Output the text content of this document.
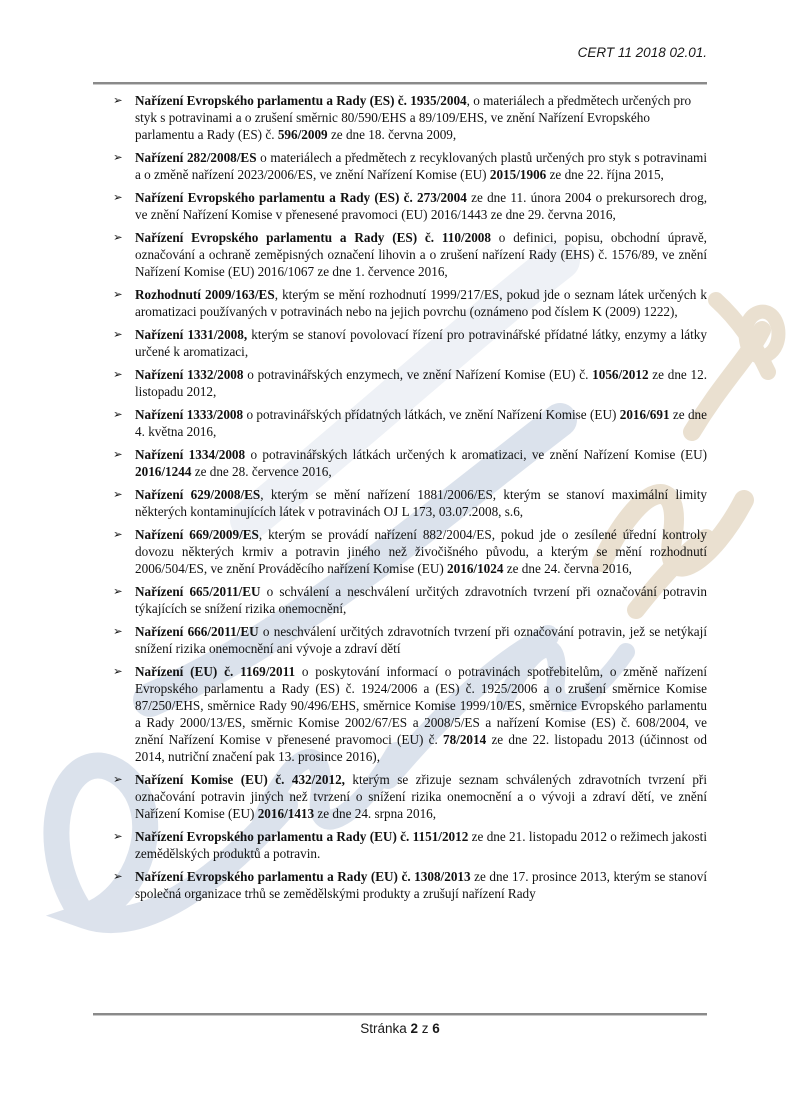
CERT 11 2018 02.01.
➢ Nařízení Evropského parlamentu a Rady (ES) č. 1935/2004, o materiálech a předmětech určených pro styk s potravinami a o zrušení směrnic 80/590/EHS a 89/109/EHS, ve znění Nařízení Evropského parlamentu a Rady (ES) č. 596/2009 ze dne 18. června 2009,
➢ Nařízení 282/2008/ES o materiálech a předmětech z recyklovaných plastů určených pro styk s potravinami a o změně nařízení 2023/2006/ES, ve znění Nařízení Komise (EU) 2015/1906 ze dne 22. října 2015,
➢ Nařízení Evropského parlamentu a Rady (ES) č. 273/2004 ze dne 11. února 2004 o prekursorech drog, ve znění Nařízení Komise v přenesené pravomoci (EU) 2016/1443 ze dne 29. června 2016,
➢ Nařízení Evropského parlamentu a Rady (ES) č. 110/2008 o definici, popisu, obchodní úpravě, označování a ochraně zeměpisných označení lihovin a o zrušení nařízení Rady (EHS) č. 1576/89, ve znění Nařízení Komise (EU) 2016/1067 ze dne 1. července 2016,
➢ Rozhodnutí 2009/163/ES, kterým se mění rozhodnutí 1999/217/ES, pokud jde o seznam látek určených k aromatizaci používaných v potravinách nebo na jejich povrchu (oznámeno pod číslem K (2009) 1222),
➢ Nařízení 1331/2008, kterým se stanoví povolovací řízení pro potravinářské přídatné látky, enzymy a látky určené k aromatizaci,
➢ Nařízení 1332/2008 o potravinářských enzymech, ve znění Nařízení Komise (EU) č. 1056/2012 ze dne 12. listopadu 2012,
➢ Nařízení 1333/2008 o potravinářských přídatných látkách, ve znění Nařízení Komise (EU) 2016/691 ze dne 4. května 2016,
➢ Nařízení 1334/2008 o potravinářských látkách určených k aromatizaci, ve znění Nařízení Komise (EU) 2016/1244 ze dne 28. července 2016,
➢ Nařízení 629/2008/ES, kterým se mění nařízení 1881/2006/ES, kterým se stanoví maximální limity některých kontaminujících látek v potravinách OJ L 173, 03.07.2008, s.6,
➢ Nařízení 669/2009/ES, kterým se provádí nařízení 882/2004/ES, pokud jde o zesílené úřední kontroly dovozu některých krmiv a potravin jiného než živočišného původu, a kterým se mění rozhodnutí 2006/504/ES, ve znění Prováděcího nařízení Komise (EU) 2016/1024 ze dne 24. června 2016,
➢ Nařízení 665/2011/EU o schválení a neschválení určitých zdravotních tvrzení při označování potravin týkajících se snížení rizika onemocnění,
➢ Nařízení 666/2011/EU o neschválení určitých zdravotních tvrzení při označování potravin, jež se netýkají snížení rizika onemocnění ani vývoje a zdraví dětí
➢ Nařízení (EU) č. 1169/2011 o poskytování informací o potravinách spotřebitelům, o změně nařízení Evropského parlamentu a Rady (ES) č. 1924/2006 a (ES) č. 1925/2006 a o zrušení směrnice Komise 87/250/EHS, směrnice Rady 90/496/EHS, směrnice Komise 1999/10/ES, směrnice Evropského parlamentu a Rady 2000/13/ES, směrnic Komise 2002/67/ES a 2008/5/ES a nařízení Komise (ES) č. 608/2004, ve znění Nařízení Komise v přenesené pravomoci (EU) č. 78/2014 ze dne 22. listopadu 2013 (účinnost od 2014, nutriční značení pak 13. prosince 2016),
➢ Nařízení Komise (EU) č. 432/2012, kterým se zřizuje seznam schválených zdravotních tvrzení při označování potravin jiných než tvrzení o snížení rizika onemocnění a o vývoji a zdraví dětí, ve znění Nařízení Komise (EU) 2016/1413 ze dne 24. srpna 2016,
➢ Nařízení Evropského parlamentu a Rady (EU) č. 1151/2012 ze dne 21. listopadu 2012 o režimech jakosti zemědělských produktů a potravin.
➢ Nařízení Evropského parlamentu a Rady (EU) č. 1308/2013 ze dne 17. prosince 2013, kterým se stanoví společná organizace trhů se zemědělskými produkty a zrušují nařízení Rady
Stránka 2 z 6
